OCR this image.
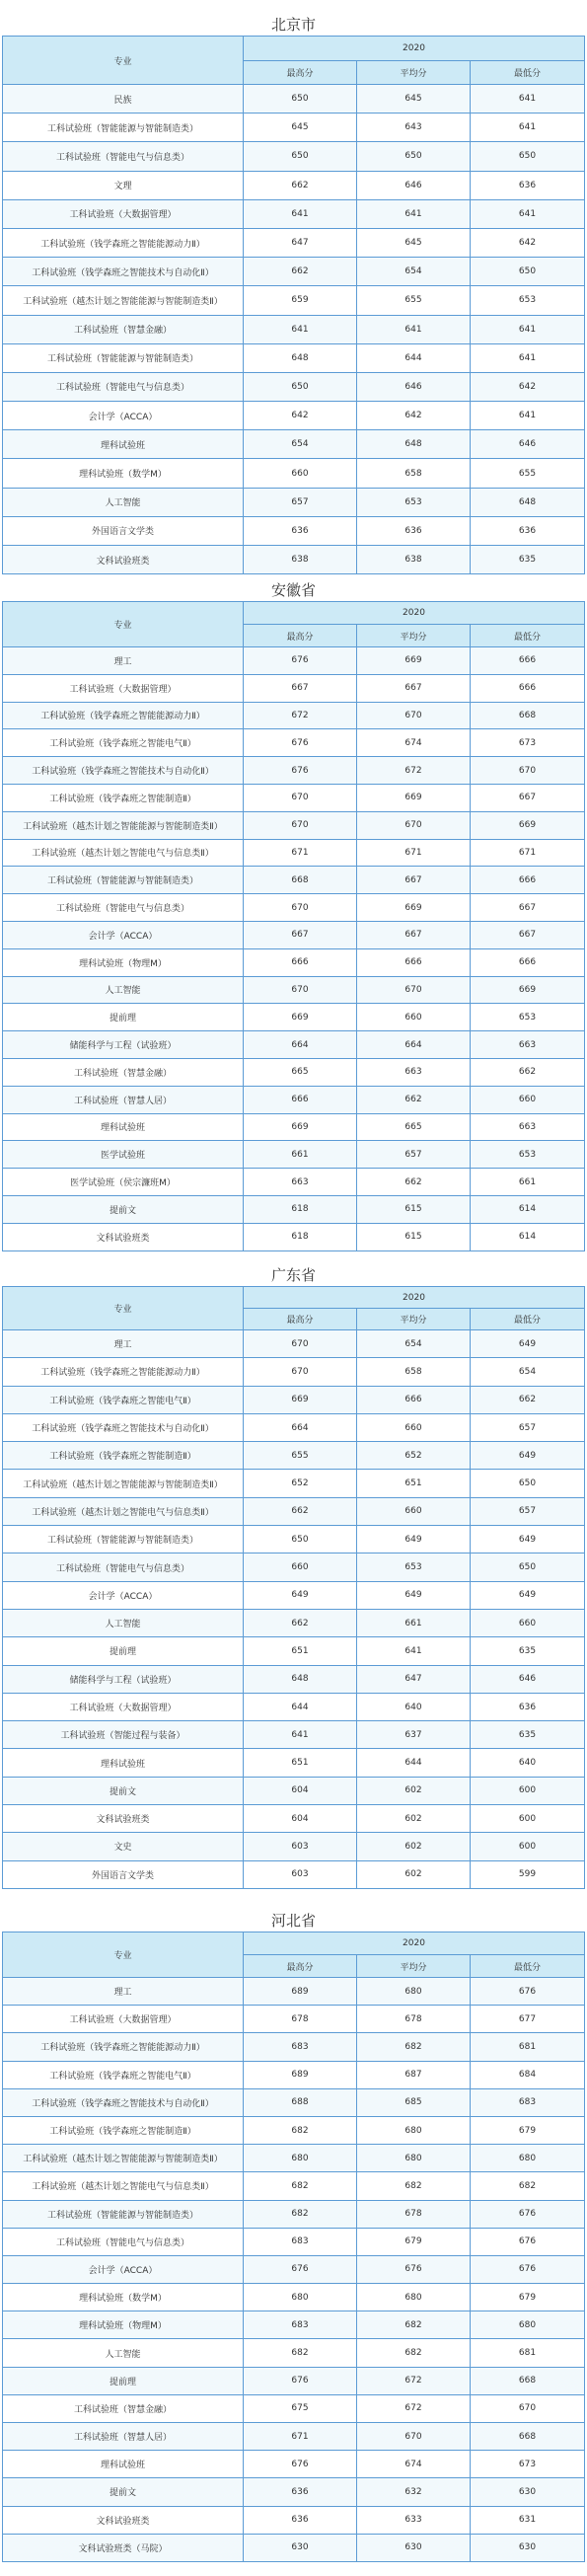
北京市
专业	2020		
	最高分	平均分	最低分
民族	650	645	641
工科试验班（智能能源与智能制造类）	645	643	641
工科试验班（智能电气与信息类）	650	650	650
文理	662	646	636
工科试验班（大数据管理）	641	641	641
工科试验班（钱学森班之智能能源动力Ⅱ）	647	645	642
工科试验班（钱学森班之智能技术与自动化Ⅱ）	662	654	650
工科试验班（越杰计划之智能能源与智能制造类Ⅱ）	659	655	653
工科试验班（智慧金融）	641	641	641
工科试验班（智能能源与智能制造类）	648	644	641
工科试验班（智能电气与信息类）	650	646	642
会计学（ACCA）	642	642	641
理科试验班	654	648	646
理科试验班（数学M）	660	658	655
人工智能	657	653	648
外国语言文学类	636	636	636
文科试验班类	638	638	635
安徽省
专业	2020		
	最高分	平均分	最低分
理工	676	669	666
工科试验班（大数据管理）	667	667	666
工科试验班（钱学森班之智能能源动力Ⅱ）	672	670	668
工科试验班（钱学森班之智能电气Ⅱ）	676	674	673
工科试验班（钱学森班之智能技术与自动化Ⅱ）	676	672	670
工科试验班（钱学森班之智能制造Ⅱ）	670	669	667
工科试验班（越杰计划之智能能源与智能制造类Ⅱ）	670	670	669
工科试验班（越杰计划之智能电气与信息类Ⅱ）	671	671	671
工科试验班（智能能源与智能制造类）	668	667	666
工科试验班（智能电气与信息类）	670	669	667
会计学（ACCA）	667	667	667
理科试验班（物理M）	666	666	666
人工智能	670	670	669
提前理	669	660	653
储能科学与工程（试验班）	664	664	663
工科试验班（智慧金融）	665	663	662
工科试验班（智慧人居）	666	662	660
理科试验班	669	665	663
医学试验班	661	657	653
医学试验班（侯宗濂班M）	663	662	661
提前文	618	615	614
文科试验班类	618	615	614
广东省
专业	2020		
	最高分	平均分	最低分
理工	670	654	649
工科试验班（钱学森班之智能能源动力Ⅱ）	670	658	654
工科试验班（钱学森班之智能电气Ⅱ）	669	666	662
工科试验班（钱学森班之智能技术与自动化Ⅱ）	664	660	657
工科试验班（钱学森班之智能制造Ⅱ）	655	652	649
工科试验班（越杰计划之智能能源与智能制造类Ⅱ）	652	651	650
工科试验班（越杰计划之智能电气与信息类Ⅱ）	662	660	657
工科试验班（智能能源与智能制造类）	650	649	649
工科试验班（智能电气与信息类）	660	653	650
会计学（ACCA）	649	649	649
人工智能	662	661	660
提前理	651	641	635
储能科学与工程（试验班）	648	647	646
工科试验班（大数据管理）	644	640	636
工科试验班（智能过程与装备）	641	637	635
理科试验班	651	644	640
提前文	604	602	600
文科试验班类	604	602	600
文史	603	602	600
外国语言文学类	603	602	599
河北省
专业	2020		
	最高分	平均分	最低分
理工	689	680	676
工科试验班（大数据管理）	678	678	677
工科试验班（钱学森班之智能能源动力Ⅱ）	683	682	681
工科试验班（钱学森班之智能电气Ⅱ）	689	687	684
工科试验班（钱学森班之智能技术与自动化Ⅱ）	688	685	683
工科试验班（钱学森班之智能制造Ⅱ）	682	680	679
工科试验班（越杰计划之智能能源与智能制造类Ⅱ）	680	680	680
工科试验班（越杰计划之智能电气与信息类Ⅱ）	682	682	682
工科试验班（智能能源与智能制造类）	682	678	676
工科试验班（智能电气与信息类）	683	679	676
会计学（ACCA）	676	676	676
理科试验班（数学M）	680	680	679
理科试验班（物理M）	683	682	680
人工智能	682	682	681
提前理	676	672	668
工科试验班（智慧金融）	675	672	670
工科试验班（智慧人居）	671	670	668
理科试验班	676	674	673
提前文	636	632	630
文科试验班类	636	633	631
文科试验班类（马院）	630	630	630
